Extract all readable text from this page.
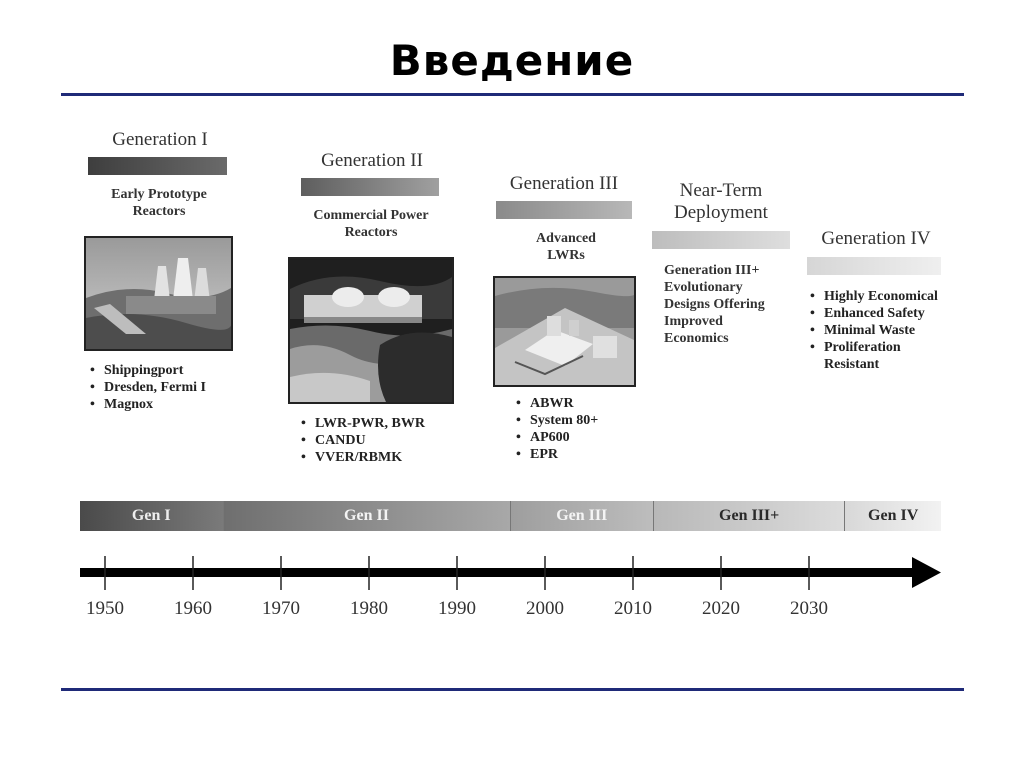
Введение
Generation I
Early Prototype Reactors
• Shippingport
• Dresden, Fermi I
• Magnox
Generation II
Commercial Power Reactors
• LWR-PWR, BWR
• CANDU
• VVER/RBMK
Generation III
Advanced LWRs
• ABWR
• System 80+
• AP600
• EPR
Near-Term Deployment
Generation III+ Evolutionary Designs Offering Improved Economics
Generation IV
• Highly Economical
• Enhanced Safety
• Minimal Waste
• Proliferation Resistant
Gen I	Gen II	Gen III	Gen III+	Gen IV
1950	1960	1970	1980	1990	2000	2010	2020	2030
